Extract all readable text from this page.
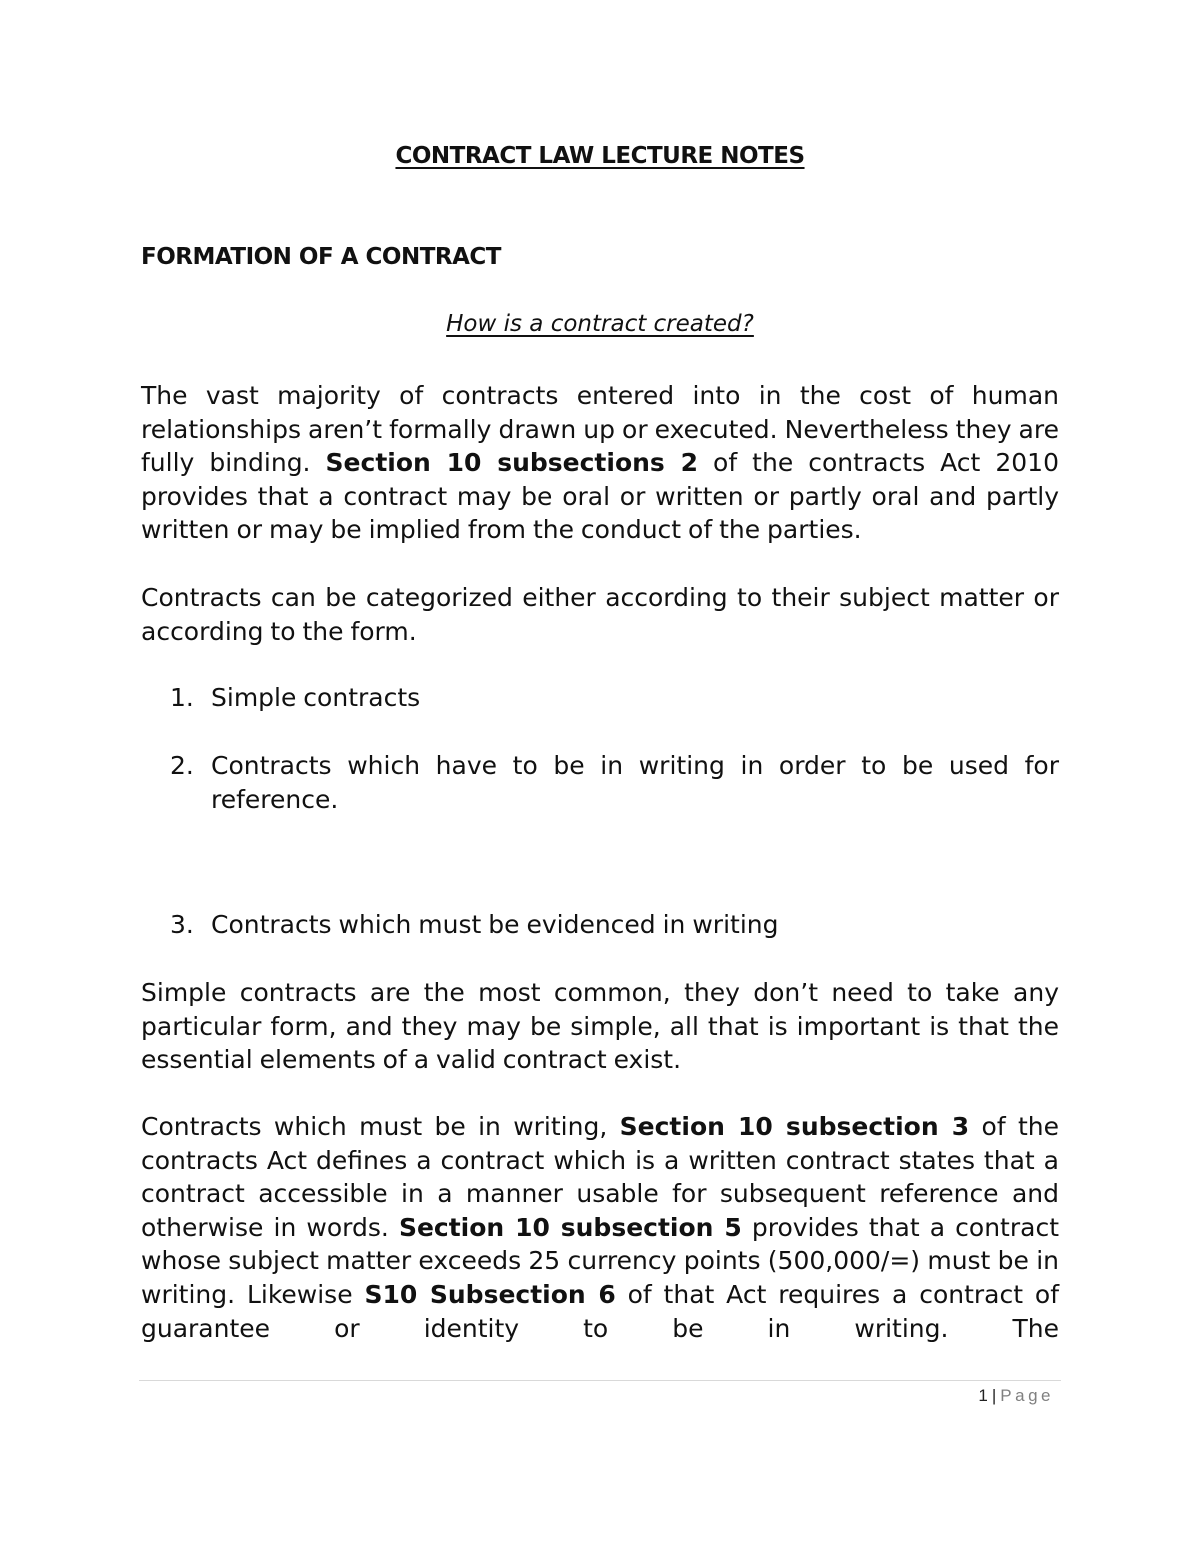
CONTRACT LAW LECTURE NOTES
FORMATION OF A CONTRACT
How is a contract created?

The vast majority of contracts entered into in the cost of human relationships aren’t formally drawn up or executed. Nevertheless they are fully binding. Section 10 subsections 2 of the contracts Act 2010 provides that a contract may be oral or written or partly oral and partly written or may be implied from the conduct of the parties.

Contracts can be categorized either according to their subject matter or according to the form.

1. Simple contracts
2. Contracts which have to be in writing in order to be used for reference.
3. Contracts which must be evidenced in writing

Simple contracts are the most common, they don’t need to take any particular form, and they may be simple, all that is important is that the essential elements of a valid contract exist.

Contracts which must be in writing, Section 10 subsection 3 of the contracts Act defines a contract which is a written contract states that a contract accessible in a manner usable for subsequent reference and otherwise in words. Section 10 subsection 5 provides that a contract whose subject matter exceeds 25 currency points (500,000/=) must be in writing. Likewise S10 Subsection 6 of that Act requires a contract of guarantee or identity to be in writing. The

1 | Page
